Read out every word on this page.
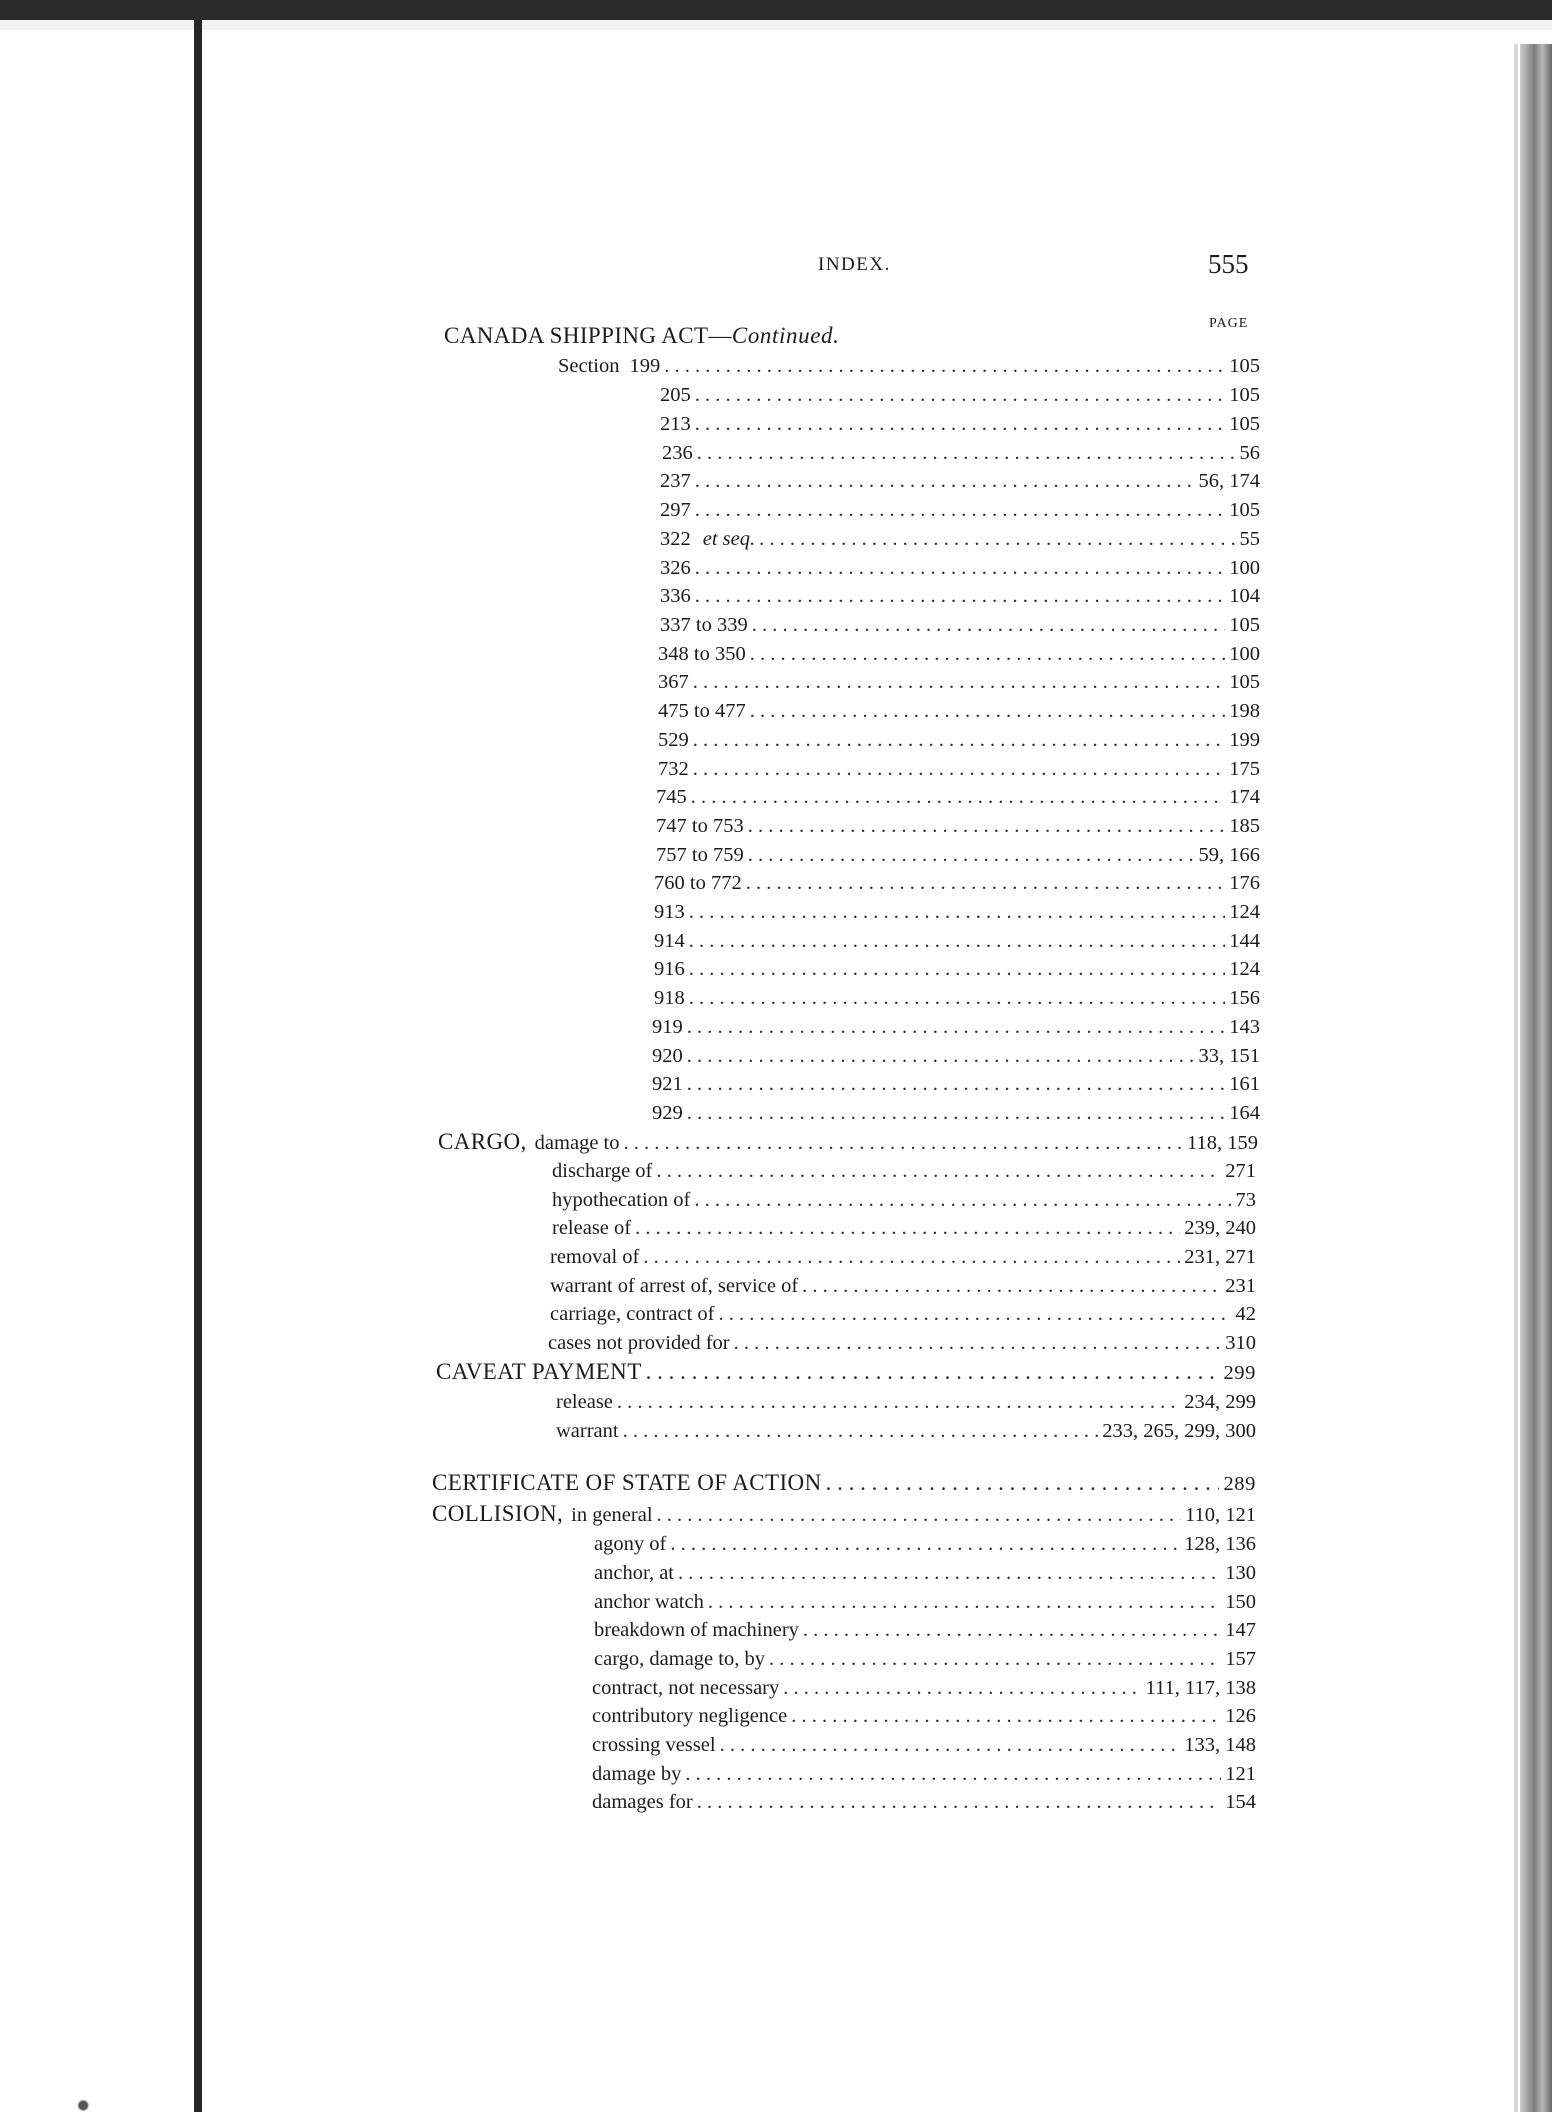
INDEX.	555
PAGE
CANADA SHIPPING ACT— Continued.
Section 199 . . .	105
205 . . .	105
213 . . .	105
236 . . .	56
237 . . .	56, 174
297 . . .	105
322 et seq. . . .	55
326 . . .	100
336 . . .	104
337 to 339 . . .	105
348 to 350 . . .	100
367 . . .	105
475 to 477 . . .	198
529 . . .	199
732 . . .	175
745 . . .	174
747 to 753 . . .	185
757 to 759 . . .	59, 166
760 to 772 . . .	176
913 . . .	124
914 . . .	144
916 . . .	124
918 . . .	156
919 . . .	143
920 . . .	33, 151
921 . . .	161
929 . . .	164
CARGO, damage to . . .	118, 159
discharge of . . .	271
hypothecation of . . .	73
release of . . .	239, 240
removal of . . .	231, 271
warrant of arrest of, service of . . .	231
carriage, contract of . . .	42
cases not provided for . . .	310
CAVEAT PAYMENT . . .	299
release . . .	234, 299
warrant . . .	233, 265, 299, 300
CERTIFICATE OF STATE OF ACTION . . .	289
COLLISION, in general . . .	110, 121
agony of . . .	128, 136
anchor, at . . .	130
anchor watch . . .	150
breakdown of machinery . . .	147
cargo, damage to, by . . .	157
contract, not necessary . . .	111, 117, 138
contributory negligence . . .	126
crossing vessel . . .	133, 148
damage by . . .	121
damages for . . .	154
